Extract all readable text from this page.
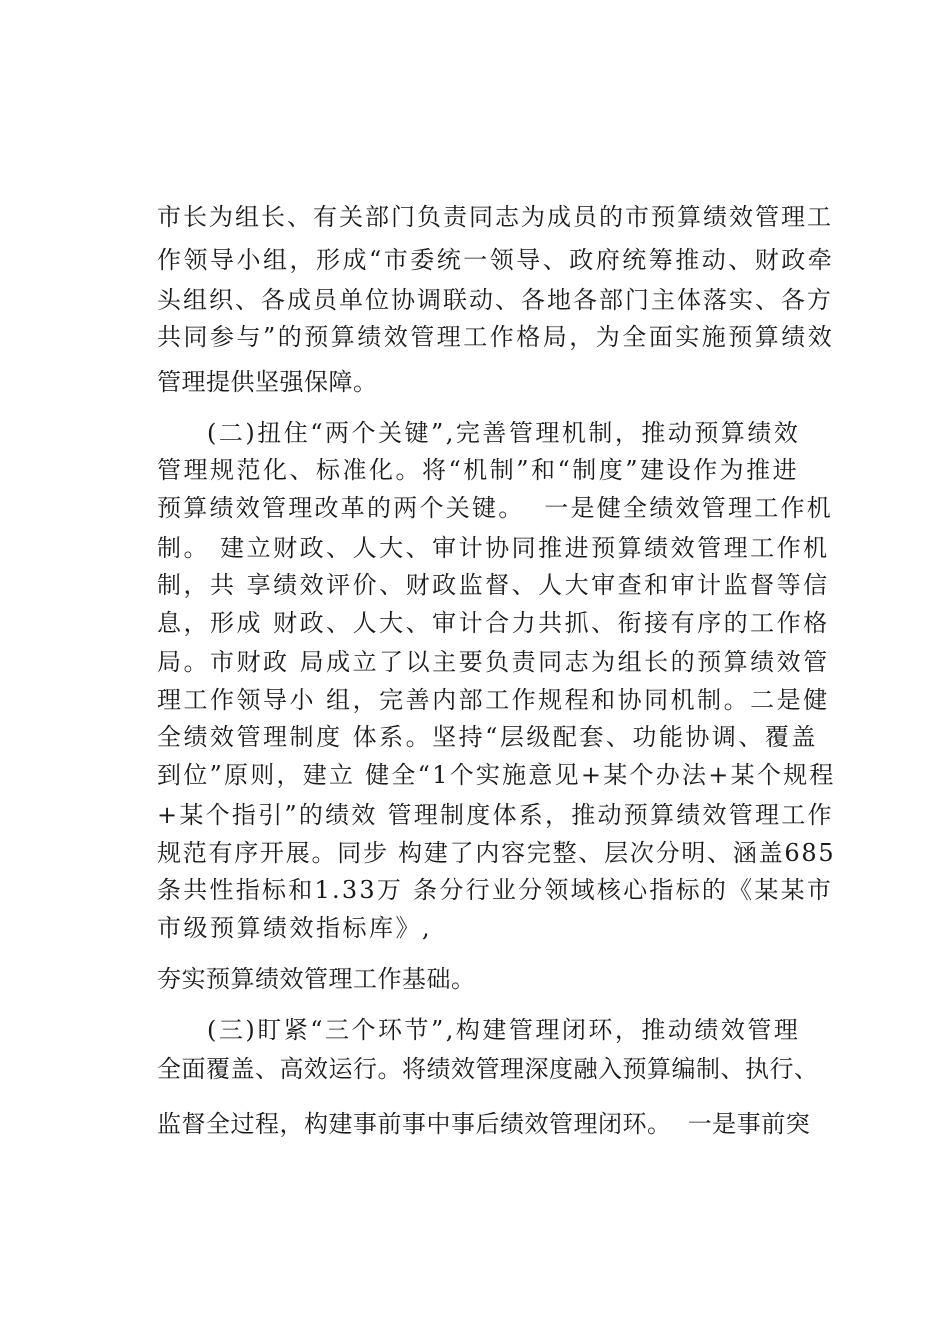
市长为组长、有关部门负责同志为成员的市预算绩效管理工
作领导小组，形成“市委统一领导、政府统筹推动、财政牵
头组织、各成员单位协调联动、各地各部门主体落实、各方
共同参与”的预算绩效管理工作格局，为全面实施预算绩效
管理提供坚强保障。
(二)扭住“两个关键”,完善管理机制，推动预算绩效
管理规范化、标准化。将“机制”和“制度”建设作为推进
预算绩效管理改革的两个关键。  一是健全绩效管理工作机
制。 建立财政、人大、审计协同推进预算绩效管理工作机
制，共 享绩效评价、财政监督、人大审查和审计监督等信
息，形成 财政、人大、审计合力共抓、衔接有序的工作格
局。市财政 局成立了以主要负责同志为组长的预算绩效管
理工作领导小 组，完善内部工作规程和协同机制。二是健
全绩效管理制度 体系。坚持“层级配套、功能协调、覆盖
到位”原则，建立 健全“1个实施意见+某个办法+某个规程
+某个指引”的绩效 管理制度体系，推动预算绩效管理工作
规范有序开展。同步 构建了内容完整、层次分明、涵盖685
条共性指标和1.33万 条分行业分领域核心指标的《某某市
市级预算绩效指标库》,
夯实预算绩效管理工作基础。
(三)盯紧“三个环节”,构建管理闭环，推动绩效管理
全面覆盖、高效运行。将绩效管理深度融入预算编制、执行、
监督全过程，构建事前事中事后绩效管理闭环。  一是事前突
